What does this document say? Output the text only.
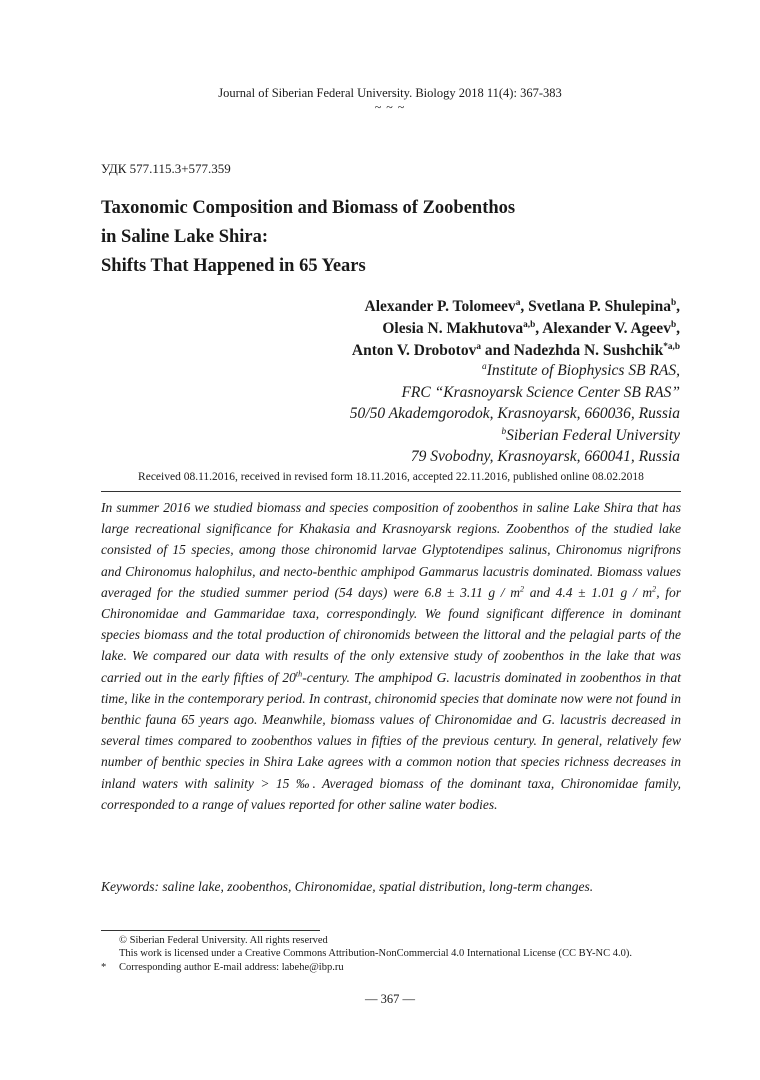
Journal of Siberian Federal University. Biology 2018 11(4): 367-383
~ ~ ~
УДК 577.115.3+577.359
Taxonomic Composition and Biomass of Zoobenthos
in Saline Lake Shira:
Shifts That Happened in 65 Years
Alexander P. Tolomeev$^a$, Svetlana P. Shulepina$^b$,
Olesia N. Makhutova$^{a,b}$, Alexander V. Ageev$^b$,
Anton V. Drobotov$^a$ and Nadezhda N. Sushchik$^{*a,b}$
$^a$Institute of Biophysics SB RAS,
FRC “Krasnoyarsk Science Center SB RAS”
50/50 Akademgorodok, Krasnoyarsk, 660036, Russia
$^b$Siberian Federal University
79 Svobodny, Krasnoyarsk, 660041, Russia
Received 08.11.2016, received in revised form 18.11.2016, accepted 22.11.2016, published online 08.02.2018
In summer 2016 we studied biomass and species composition of zoobenthos in saline Lake Shira that has large recreational significance for Khakasia and Krasnoyarsk regions. Zoobenthos of the studied lake consisted of 15 species, among those chironomid larvae Glyptotendipes salinus, Chironomus nigrifrons and Chironomus halophilus, and necto-benthic amphipod Gammarus lacustris dominated. Biomass values averaged for the studied summer period (54 days) were 6.8 ± 3.11 g / $m^2$ and 4.4 ± 1.01 g / $m^2$, for Chironomidae and Gammaridae taxa, correspondingly. We found significant difference in dominant species biomass and the total production of chironomids between the littoral and the pelagial parts of the lake. We compared our data with results of the only extensive study of zoobenthos in the lake that was carried out in the early fifties of 20th-century. The amphipod G. lacustris dominated in zoobenthos in that time, like in the contemporary period. In contrast, chironomid species that dominate now were not found in benthic fauna 65 years ago. Meanwhile, biomass values of Chironomidae and G. lacustris decreased in several times compared to zoobenthos values in fifties of the previous century. In general, relatively few number of benthic species in Shira Lake agrees with a common notion that species richness decreases in inland waters with salinity > 15 ‰. Averaged biomass of the dominant taxa, Chironomidae family, corresponded to a range of values reported for other saline water bodies.
Keywords: saline lake, zoobenthos, Chironomidae, spatial distribution, long-term changes.
© Siberian Federal University. All rights reserved
This work is licensed under a Creative Commons Attribution-NonCommercial 4.0 International License (CC BY-NC 4.0).
* Corresponding author E-mail address: labehe@ibp.ru
— 367 —
